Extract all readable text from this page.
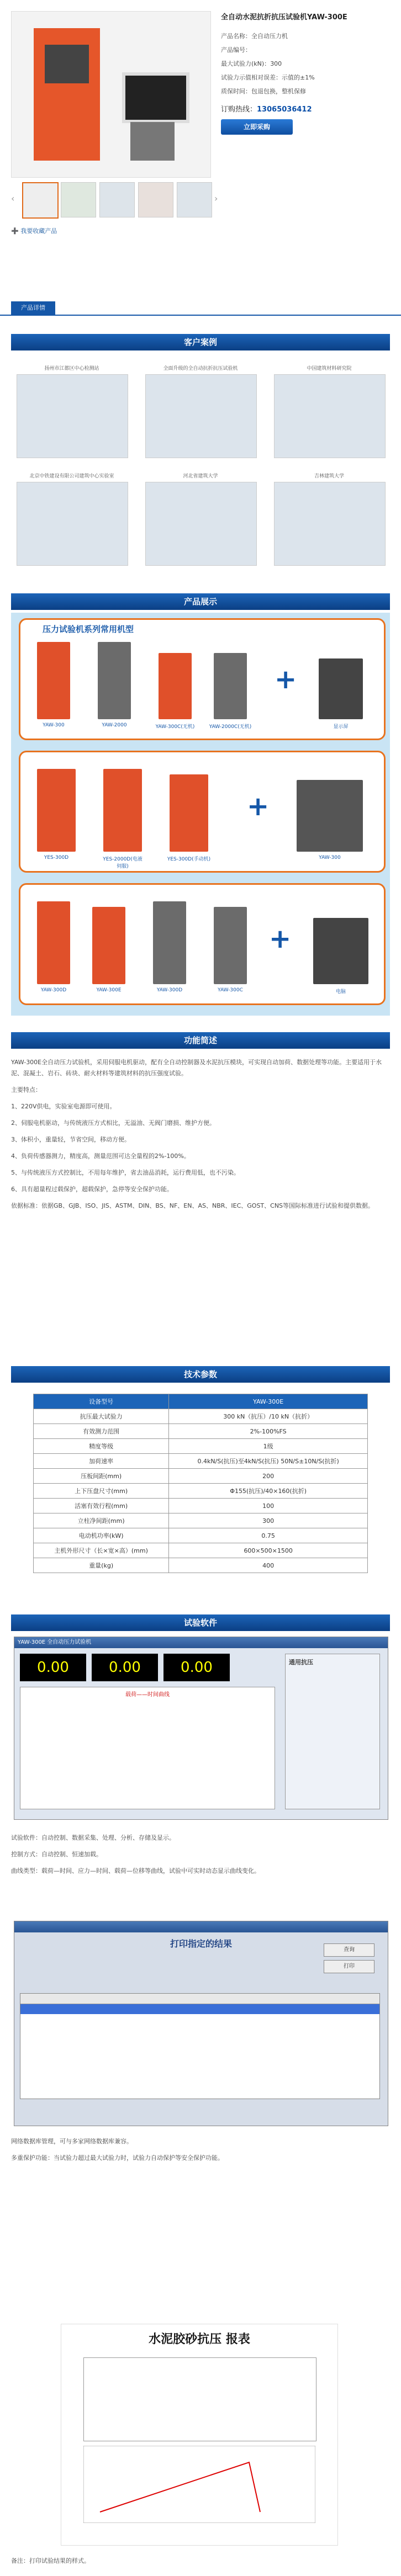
‹	›
➕ 我要收藏产品
全自动水泥抗折抗压试验机YAW-300E
产品名称：全自动压力机
产品编号：
最大试验力(kN)：300
试验力示值相对误差：示值的±1%
质保时间：包退包换，整机保修
订购热线：13065036412
立即采购
产品详情
客户案例
扬州市江都区中心检测站	全面升级的全自动抗折抗压试验机	中国建筑材料研究院
北京中铁建设有限公司建筑中心实验室	河北省建筑大学	吉林建筑大学
产品展示
压力试验机系列常用机型
+
YAW-300	YAW-2000	YAW-300C(无机)	YAW-2000C(无机)	显示屏
+
YES-300D	YES-2000D(电液伺服)
YES-300D(手动机)	YAW-300
+
YAW-300D	YAW-300E	YAW-300D	YAW-300C	电脑
功能简述

YAW-300E全自动压力试验机，采用伺服电机驱动，配有全自动控制器及水泥抗压模块，可实现自动加荷、数据处理等功能。主要适用于水泥、混凝土、岩石、砖块、耐火材料等建筑材料的抗压强度试验。

主要特点：

1、220V供电，实验室电源即可使用。

2、伺服电机驱动，与传统液压方式相比，无溢油、无阀门磨损、维护方便。

3、体积小，重量轻，节省空间，移动方便。

4、负荷传感器测力，精度高，测量范围可达全量程的2%-100%。

5、与传统液压方式控制比，不用每年维护，省去油品消耗，运行费用低，也不污染。

6、具有超量程过载保护，超载保护，急停等安全保护功能。

依据标准：依据GB、GJB、ISO、JIS、ASTM、DIN、BS、NF、EN、AS、NBR、IEC、GOST、CNS等国际标准进行试验和提供数据。

技术参数
设备型号	YAW-300E
抗压最大试验力	300 kN（抗压）/10 kN（抗折）
有效测力范围	2%-100%FS
精度等级	1级
加荷速率	0.4kN/S(抗压)至4kN/S(抗压) 50N/S±10N/S(抗折)
压板间距(mm)	200
上下压盘尺寸(mm)	Φ155(抗压)/40×160(抗折)
活塞有效行程(mm)	100
立柱净间距(mm)	300
电动机功率(kW)	0.75
主机外形尺寸（长×宽×高）(mm)	600×500×1500
重量(kg)	400
试验软件
YAW-300E 全自动压力试验机
0.00	0.00	0.00
载荷——时间曲线
通用抗压

试验软件：自动控制、数据采集、处理、分析、存储及显示。

控制方式：自动控制、恒速加载。

曲线类型：载荷—时间、应力—时间、载荷—位移等曲线，试验中可实时动态显示曲线变化。

打印指定的结果
查询
打印

网络数据库管理，可与多家网络数据库兼容。

多重保护功能：当试验力超过最大试验力时，试验力自动保护等安全保护功能。

水泥胶砂抗压 报表
备注：打印试验结果的样式。
